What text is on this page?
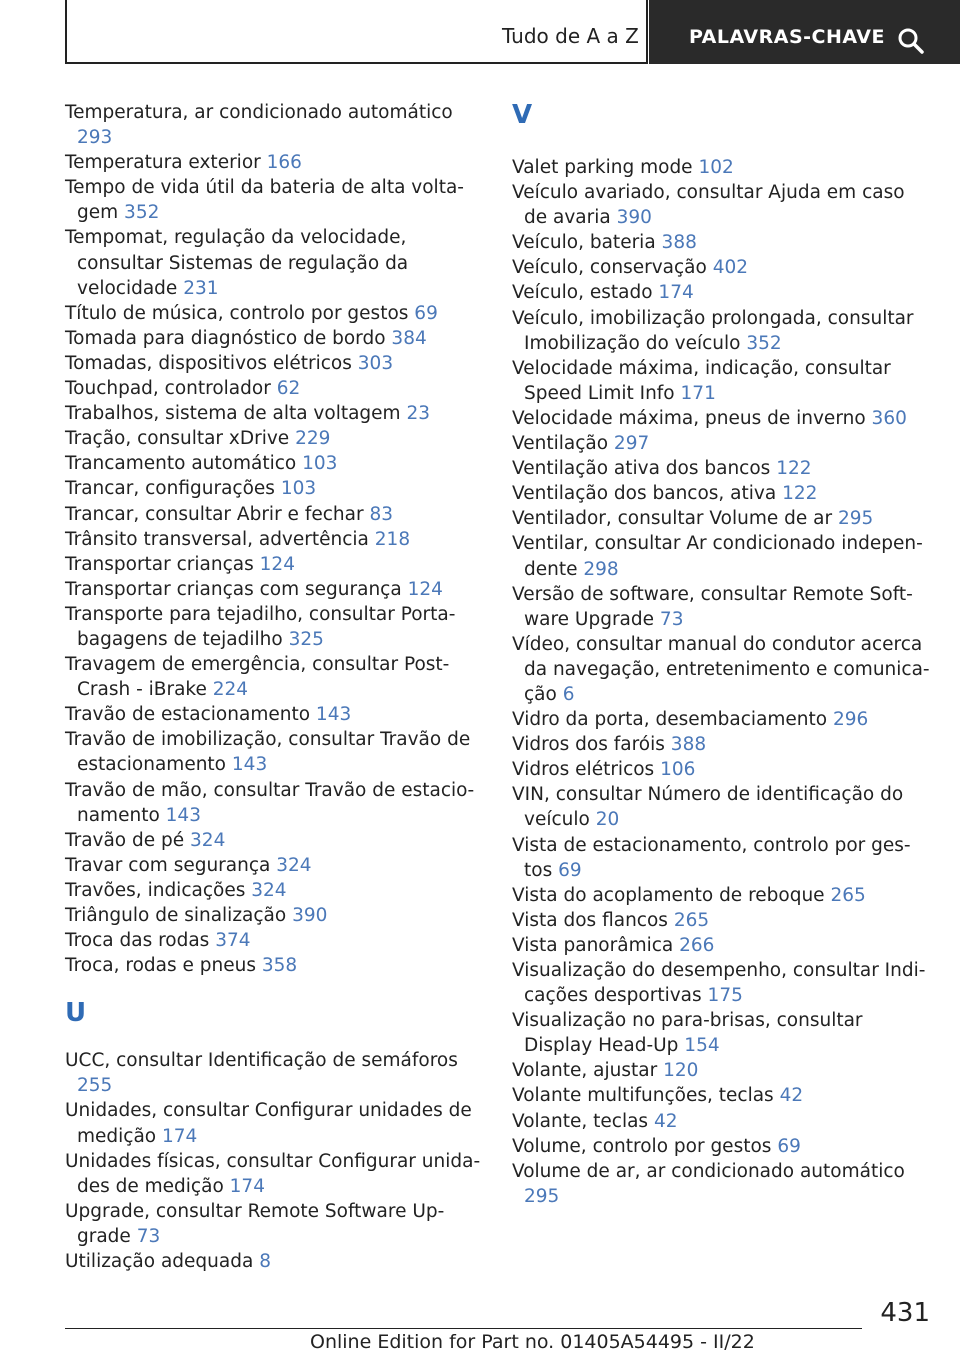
Tudo de A a Z	PALAVRAS-CHAVE

Temperatura, ar condicionado automático 293

Temperatura exterior 166

Tempo de vida útil da bateria de alta voltagem 352

Tempomat, regulação da velocidade, consultar Sistemas de regulação da velocidade 231

Título de música, controlo por gestos 69

Tomada para diagnóstico de bordo 384

Tomadas, dispositivos elétricos 303

Touchpad, controlador 62

Trabalhos, sistema de alta voltagem 23

Tração, consultar xDrive 229

Trancamento automático 103

Trancar, configurações 103

Trancar, consultar Abrir e fechar 83

Trânsito transversal, advertência 218

Transportar crianças 124

Transportar crianças com segurança 124

Transporte para tejadilho, consultar Porta-bagagens de tejadilho 325

Travagem de emergência, consultar Post-Crash - iBrake 224

Travão de estacionamento 143

Travão de imobilização, consultar Travão de estacionamento 143

Travão de mão, consultar Travão de estacionamento 143

Travão de pé 324

Travar com segurança 324

Travões, indicações 324

Triângulo de sinalização 390

Troca das rodas 374

Troca, rodas e pneus 358

U

UCC, consultar Identificação de semáforos 255

Unidades, consultar Configurar unidades de medição 174

Unidades físicas, consultar Configurar unidades de medição 174

Upgrade, consultar Remote Software Upgrade 73

Utilização adequada 8

V

Valet parking mode 102

Veículo avariado, consultar Ajuda em caso de avaria 390

Veículo, bateria 388

Veículo, conservação 402

Veículo, estado 174

Veículo, imobilização prolongada, consultar Imobilização do veículo 352

Velocidade máxima, indicação, consultar Speed Limit Info 171

Velocidade máxima, pneus de inverno 360

Ventilação 297

Ventilação ativa dos bancos 122

Ventilação dos bancos, ativa 122

Ventilador, consultar Volume de ar 295

Ventilar, consultar Ar condicionado independente 298

Versão de software, consultar Remote Software Upgrade 73

Vídeo, consultar manual do condutor acerca da navegação, entretenimento e comunicação 6

Vidro da porta, desembaciamento 296

Vidros dos faróis 388

Vidros elétricos 106

VIN, consultar Número de identificação do veículo 20

Vista de estacionamento, controlo por gestos 69

Vista do acoplamento de reboque 265

Vista dos flancos 265

Vista panorâmica 266

Visualização do desempenho, consultar Indicações desportivas 175

Visualização no para-brisas, consultar Display Head-Up 154

Volante, ajustar 120

Volante multifunções, teclas 42

Volante, teclas 42

Volume, controlo por gestos 69

Volume de ar, ar condicionado automático 295

431
Online Edition for Part no. 01405A54495 - II/22
